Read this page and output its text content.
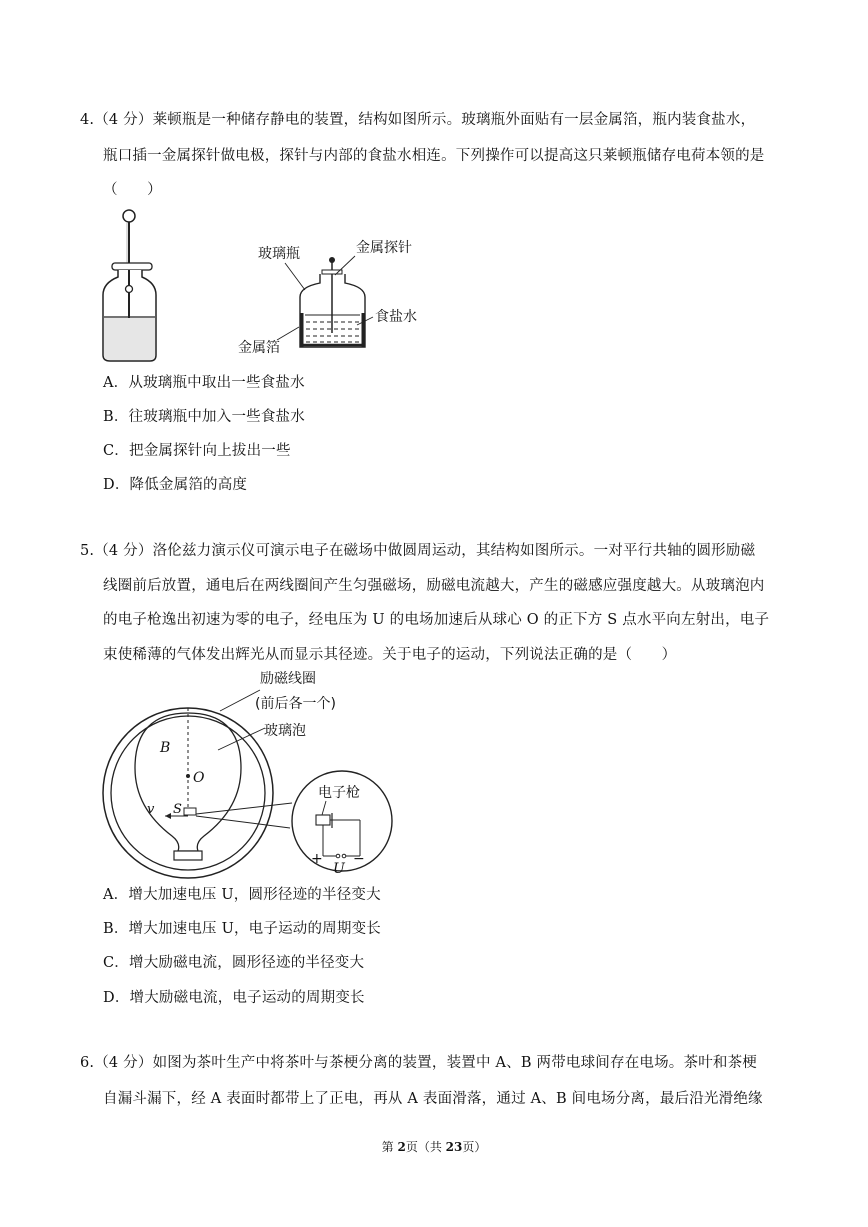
4.（4 分）莱顿瓶是一种储存静电的装置，结构如图所示。玻璃瓶外面贴有一层金属箔，瓶内装食盐水，
瓶口插一金属探针做电极，探针与内部的食盐水相连。下列操作可以提高这只莱顿瓶储存电荷本领的是
（　　）
玻璃瓶	金属探针
食盐水
金属箔
A．从玻璃瓶中取出一些食盐水
B．往玻璃瓶中加入一些食盐水
C．把金属探针向上拔出一些
D．降低金属箔的高度
5.（4 分）洛伦兹力演示仪可演示电子在磁场中做圆周运动，其结构如图所示。一对平行共轴的圆形励磁
线圈前后放置，通电后在两线圈间产生匀强磁场，励磁电流越大，产生的磁感应强度越大。从玻璃泡内
的电子枪逸出初速为零的电子，经电压为 U 的电场加速后从球心 O 的正下方 S 点水平向左射出，电子
束使稀薄的气体发出辉光从而显示其径迹。关于电子的运动，下列说法正确的是（　　）
励磁线圈
(前后各一个)
玻璃泡
B
O
v S
电子枪
+
U
−
A．增大加速电压 U，圆形径迹的半径变大
B．增大加速电压 U，电子运动的周期变长
C．增大励磁电流，圆形径迹的半径变大
D．增大励磁电流，电子运动的周期变长
6.（4 分）如图为茶叶生产中将茶叶与茶梗分离的装置，装置中 A、B 两带电球间存在电场。茶叶和茶梗
自漏斗漏下，经 A 表面时都带上了正电，再从 A 表面滑落，通过 A、B 间电场分离，最后沿光滑绝缘
第 2页（共 23页）
